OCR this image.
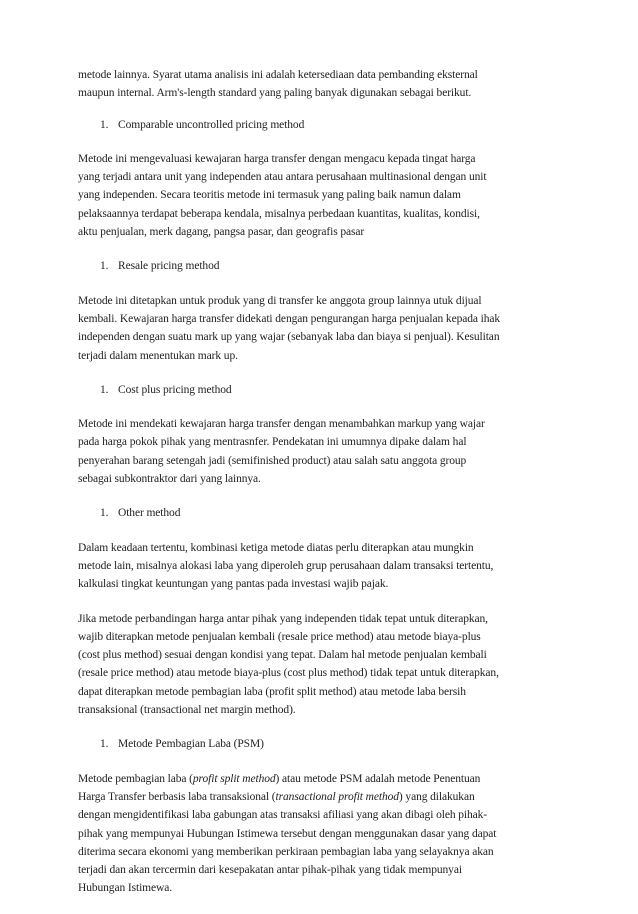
metode lainnya. Syarat utama analisis ini adalah ketersediaan data pembanding eksternal
maupun internal. Arm's-length standard yang paling banyak digunakan sebagai berikut.
1. Comparable uncontrolled pricing method
Metode ini mengevaluasi kewajaran harga transfer dengan mengacu kepada tingat harga
yang terjadi antara unit yang independen atau antara perusahaan multinasional dengan unit
yang independen. Secara teoritis metode ini termasuk yang paling baik namun dalam
pelaksaannya terdapat beberapa kendala, misalnya perbedaan kuantitas, kualitas, kondisi,
aktu penjualan, merk dagang, pangsa pasar, dan geografis pasar
1. Resale pricing method
Metode ini ditetapkan untuk produk yang di transfer ke anggota group lainnya utuk dijual
kembali. Kewajaran harga transfer didekati dengan pengurangan harga penjualan kepada ihak
independen dengan suatu mark up yang wajar (sebanyak laba dan biaya si penjual). Kesulitan
terjadi dalam menentukan mark up.
1. Cost plus pricing method
Metode ini mendekati kewajaran harga transfer dengan menambahkan markup yang wajar
pada harga pokok pihak yang mentrasnfer. Pendekatan ini umumnya dipake dalam hal
penyerahan barang setengah jadi (semifinished product) atau salah satu anggota group
sebagai subkontraktor dari yang lainnya.
1. Other method
Dalam keadaan tertentu, kombinasi ketiga metode diatas perlu diterapkan atau mungkin
metode lain, misalnya alokasi laba yang diperoleh grup perusahaan dalam transaksi tertentu,
kalkulasi tingkat keuntungan yang pantas pada investasi wajib pajak.
Jika metode perbandingan harga antar pihak yang independen tidak tepat untuk diterapkan,
wajib diterapkan metode penjualan kembali (resale price method) atau metode biaya-plus
(cost plus method) sesuai dengan kondisi yang tepat. Dalam hal metode penjualan kembali
(resale price method) atau metode biaya-plus (cost plus method) tidak tepat untuk diterapkan,
dapat diterapkan metode pembagian laba (profit split method) atau metode laba bersih
transaksional (transactional net margin method).
1. Metode Pembagian Laba (PSM)
Metode pembagian laba (profit split method) atau metode PSM adalah metode Penentuan
Harga Transfer berbasis laba transaksional (transactional profit method) yang dilakukan
dengan mengidentifikasi laba gabungan atas transaksi afiliasi yang akan dibagi oleh pihak-
pihak yang mempunyai Hubungan Istimewa tersebut dengan menggunakan dasar yang dapat
diterima secara ekonomi yang memberikan perkiraan pembagian laba yang selayaknya akan
terjadi dan akan tercermin dari kesepakatan antar pihak-pihak yang tidak mempunyai
Hubungan Istimewa.
